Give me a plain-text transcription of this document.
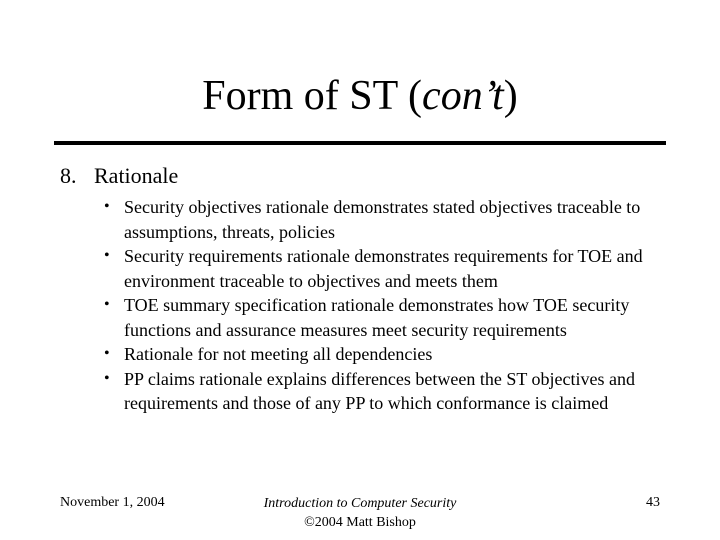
Form of ST (con’t)
8. Rationale
• Security objectives rationale demonstrates stated objectives traceable to assumptions, threats, policies
• Security requirements rationale demonstrates requirements for TOE and environment traceable to objectives and meets them
• TOE summary specification rationale demonstrates how TOE security functions and assurance measures meet security requirements
• Rationale for not meeting all dependencies
• PP claims rationale explains differences between the ST objectives and requirements and those of any PP to which conformance is claimed
November 1, 2004	Introduction to Computer Security
©2004 Matt Bishop
43
